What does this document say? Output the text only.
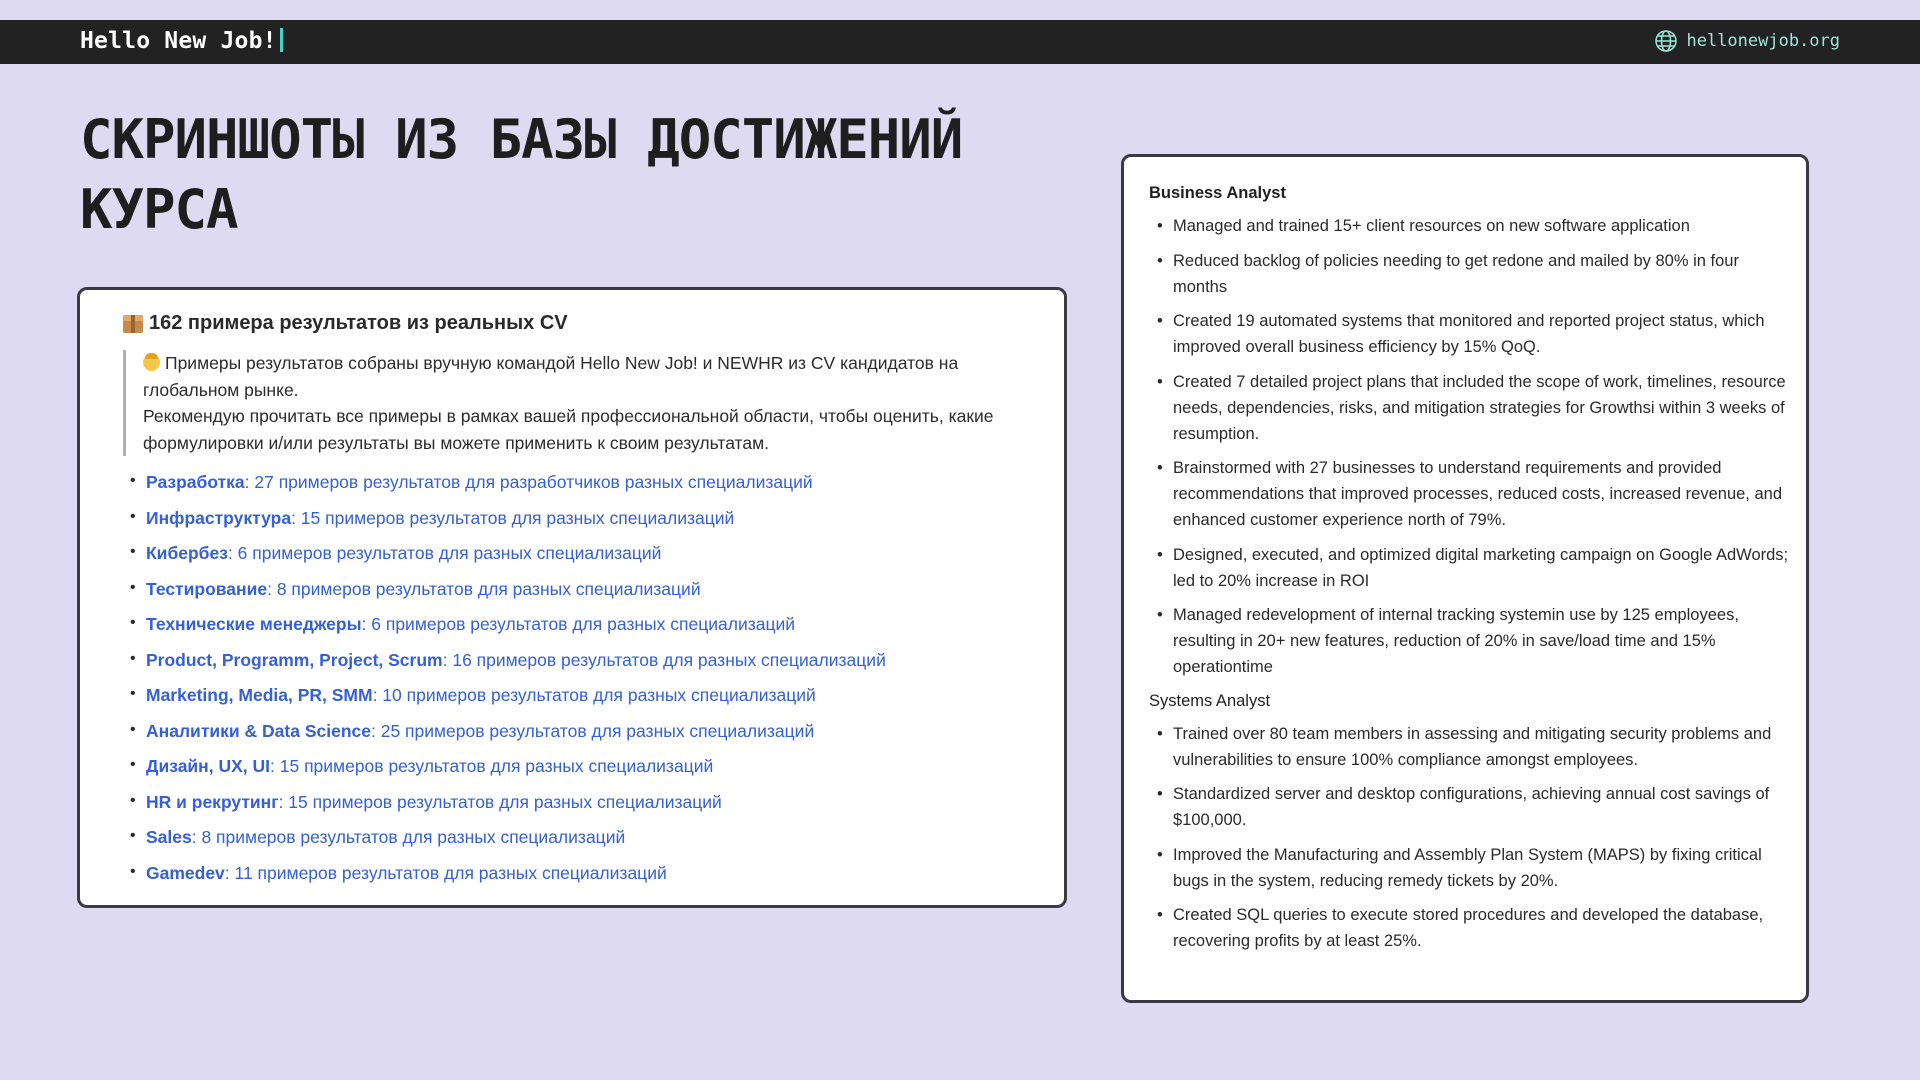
Hello New Job!	hellonewjob.org
СКРИНШОТЫ ИЗ БАЗЫ ДОСТИЖЕНИЙ КУРСА
162 примера результатов из реальных CV
Примеры результатов собраны вручную командой Hello New Job! и NEWHR из CV кандидатов на глобальном рынке.
Рекомендую прочитать все примеры в рамках вашей профессиональной области, чтобы оценить, какие формулировки и/или результаты вы можете применить к своим результатам.
• Разработка : 27 примеров результатов для разработчиков разных специализаций
• Инфраструктура : 15 примеров результатов для разных специализаций
• Кибербез : 6 примеров результатов для разных специализаций
• Тестирование : 8 примеров результатов для разных специализаций
• Технические менеджеры : 6 примеров результатов для разных специализаций
• Product, Programm, Project, Scrum : 16 примеров результатов для разных специализаций
• Marketing, Media, PR, SMM : 10 примеров результатов для разных специализаций
• Аналитики & Data Science : 25 примеров результатов для разных специализаций
• Дизайн, UX, UI : 15 примеров результатов для разных специализаций
• HR и рекрутинг : 15 примеров результатов для разных специализаций
• Sales : 8 примеров результатов для разных специализаций
• Gamedev : 11 примеров результатов для разных специализаций
Business Analyst
• Managed and trained 15+ client resources on new software application
• Reduced backlog of policies needing to get redone and mailed by 80% in four months
• Created 19 automated systems that monitored and reported project status, which improved overall business efficiency by 15% QoQ.
• Created 7 detailed project plans that included the scope of work, timelines, resource needs, dependencies, risks, and mitigation strategies for Growthsi within 3 weeks of resumption.
• Brainstormed with 27 businesses to understand requirements and provided recommendations that improved processes, reduced costs, increased revenue, and enhanced customer experience north of 79%.
• Designed, executed, and optimized digital marketing campaign on Google AdWords; led to 20% increase in ROI
• Managed redevelopment of internal tracking systemin use by 125 employees, resulting in 20+ new features, reduction of 20% in save/load time and 15% operationtime
Systems Analyst
• Trained over 80 team members in assessing and mitigating security problems and vulnerabilities to ensure 100% compliance amongst employees.
• Standardized server and desktop configurations, achieving annual cost savings of $100,000.
• Improved the Manufacturing and Assembly Plan System (MAPS) by fixing critical bugs in the system, reducing remedy tickets by 20%.
• Created SQL queries to execute stored procedures and developed the database, recovering profits by at least 25%.
